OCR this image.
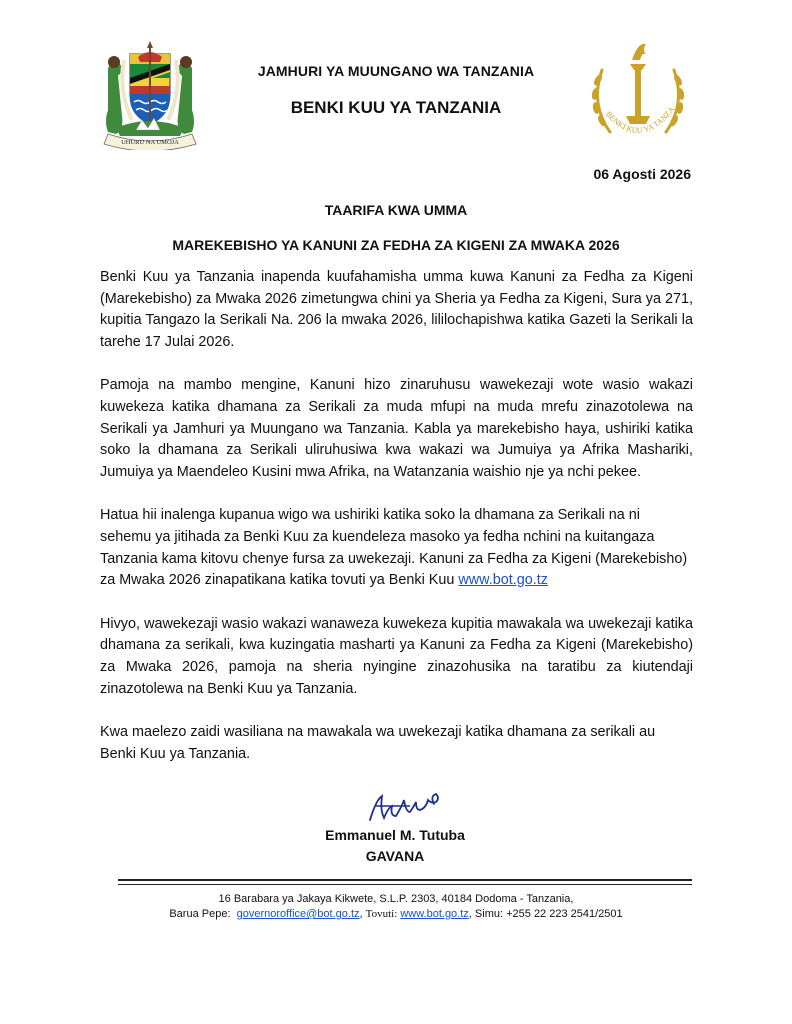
UHURU NA UMOJA
BENKI KUU YA TANZA
JAMHURI YA MUUNGANO WA TANZANIA
BENKI KUU YA TANZANIA
06 Agosti 2026
TAARIFA KWA UMMA
MAREKEBISHO YA KANUNI ZA FEDHA ZA KIGENI ZA MWAKA 2026

Benki Kuu ya Tanzania inapenda kuufahamisha umma kuwa Kanuni za Fedha za Kigeni (Marekebisho) za Mwaka 2026 zimetungwa chini ya Sheria ya Fedha za Kigeni, Sura ya 271, kupitia Tangazo la Serikali Na. 206 la mwaka 2026, lililochapishwa katika Gazeti la Serikali la tarehe 17 Julai 2026.

Pamoja na mambo mengine, Kanuni hizo zinaruhusu wawekezaji wote wasio wakazi kuwekeza katika dhamana za Serikali za muda mfupi na muda mrefu zinazotolewa na Serikali ya Jamhuri ya Muungano wa Tanzania. Kabla ya marekebisho haya, ushiriki katika soko la dhamana za Serikali uliruhusiwa kwa wakazi wa Jumuiya ya Afrika Mashariki, Jumuiya ya Maendeleo Kusini mwa Afrika, na Watanzania waishio nje ya nchi pekee.

Hatua hii inalenga kupanua wigo wa ushiriki katika soko la dhamana za Serikali na ni sehemu ya jitihada za Benki Kuu za kuendeleza masoko ya fedha nchini na kuitangaza Tanzania kama kitovu chenye fursa za uwekezaji. Kanuni za Fedha za Kigeni (Marekebisho) za Mwaka 2026 zinapatikana katika tovuti ya Benki Kuu www.bot.go.tz

Hivyo, wawekezaji wasio wakazi wanaweza kuwekeza kupitia mawakala wa uwekezaji katika dhamana za serikali, kwa kuzingatia masharti ya Kanuni za Fedha za Kigeni (Marekebisho) za Mwaka 2026, pamoja na sheria nyingine zinazohusika na taratibu za kiutendaji zinazotolewa na Benki Kuu ya Tanzania.

Kwa maelezo zaidi wasiliana na mawakala wa uwekezaji katika dhamana za serikali au Benki Kuu ya Tanzania.

Emmanuel M. Tutuba
GAVANA
16 Barabara ya Jakaya Kikwete, S.L.P. 2303, 40184 Dodoma - Tanzania,
Barua Pepe: governoroffice@bot.go.tz, Tovuti: www.bot.go.tz, Simu: +255 22 223 2541/2501
